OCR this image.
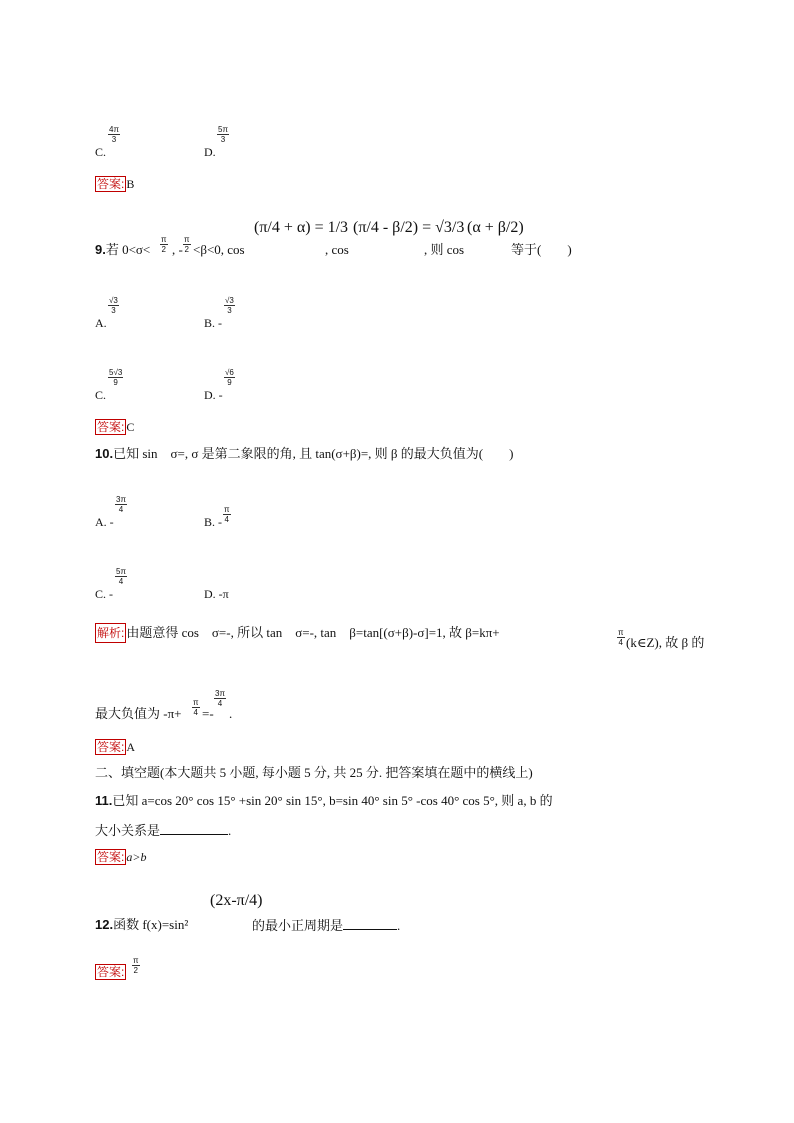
$\frac{4\pi}{3}$
C.
$\frac{5\pi}{3}$
D.
答案: B
9.若 $0<\sigma< \frac{\pi}{2}$ , - $\frac{\pi}{2} <\beta<0$, cos
(π/4 + α) = 1/3
, cos
(π/4 - β/2) = √3/3
, 则 cos
(α + β/2)
等于(　　)
$\frac{√3}{3}$
A.
$\frac{√3}{3}$
B. -
$\frac{5√3}{9}$
C.
$\frac{√6}{9}$
D. -
答案: C
10.已知 sin　σ=, σ 是第二象限的角, 且 tan(σ+β)=, 则 β 的最大负值为(　　)
$\frac{3\pi}{4}$
A. -	$\frac{\pi}{4}$
B. -
$\frac{5\pi}{4}$
C. -	D. -π
解析: 由题意得 cos　σ=-, 所以 tan　σ=-, tan　β=tan[(σ+β)-σ]=1, 故 β=kπ+	$\frac{\pi}{4}$ (k∈Z), 故 β 的
最大负值为 $-\pi+ \frac{\pi}{4}$ =-
$\frac{3\pi}{4}$
.
答案: A
二、填空题(本大题共 5 小题, 每小题 5 分, 共 25 分. 把答案填在题中的横线上)
11.已知 a=cos 20° cos 15° +sin 20° sin 15°, b=sin 40° sin 5° -cos 40° cos 5°, 则 a, b 的
大小关系是	.
答案: a>b
12.函数 f(x)=sin²
(2x-π/4)
的最小正周期是	.
答案: $\frac{\pi}{2}$
